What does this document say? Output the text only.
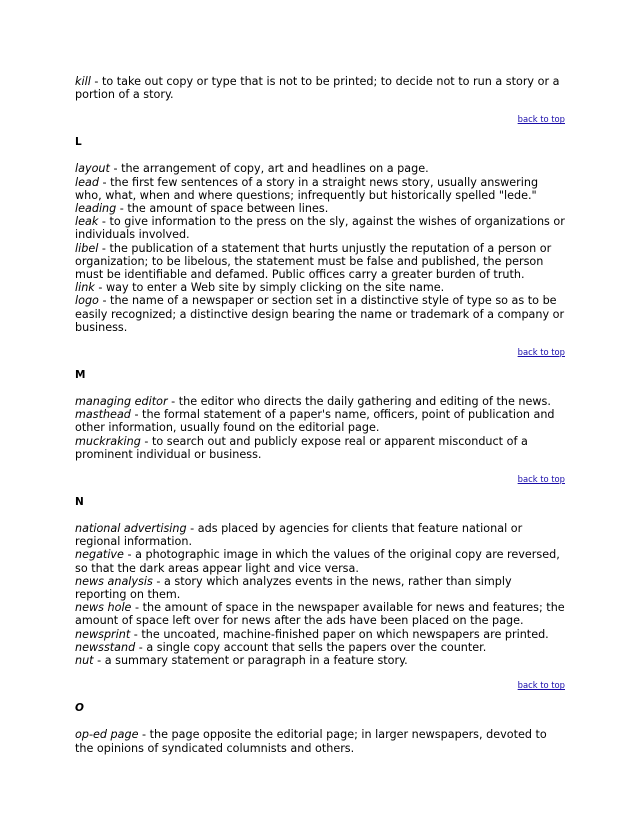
kill - to take out copy or type that is not to be printed; to decide not to run a story or a portion of a story.

back to top
L

layout - the arrangement of copy, art and headlines on a page.

lead - the first few sentences of a story in a straight news story, usually answering who, what, when and where questions; infrequently but historically spelled "lede."

leading - the amount of space between lines.

leak - to give information to the press on the sly, against the wishes of organizations or individuals involved.

libel - the publication of a statement that hurts unjustly the reputation of a person or organization; to be libelous, the statement must be false and published, the person must be identifiable and defamed. Public offices carry a greater burden of truth.

link - way to enter a Web site by simply clicking on the site name.

logo - the name of a newspaper or section set in a distinctive style of type so as to be easily recognized; a distinctive design bearing the name or trademark of a company or business.

back to top
M

managing editor - the editor who directs the daily gathering and editing of the news.

masthead - the formal statement of a paper's name, officers, point of publication and other information, usually found on the editorial page.

muckraking - to search out and publicly expose real or apparent misconduct of a prominent individual or business.

back to top
N

national advertising - ads placed by agencies for clients that feature national or regional information.

negative - a photographic image in which the values of the original copy are reversed, so that the dark areas appear light and vice versa.

news analysis - a story which analyzes events in the news, rather than simply reporting on them.

news hole - the amount of space in the newspaper available for news and features; the amount of space left over for news after the ads have been placed on the page.

newsprint - the uncoated, machine-finished paper on which newspapers are printed.

newsstand - a single copy account that sells the papers over the counter.

nut - a summary statement or paragraph in a feature story.

back to top
O

op-ed page - the page opposite the editorial page; in larger newspapers, devoted to the opinions of syndicated columnists and others.
